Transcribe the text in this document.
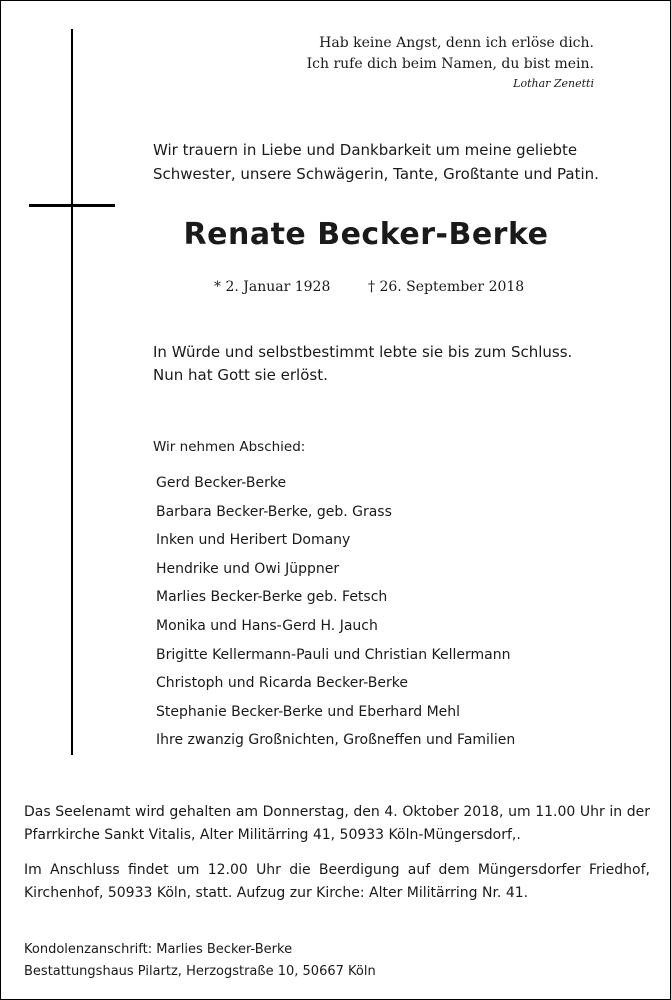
Hab keine Angst, denn ich erlöse dich.
Ich rufe dich beim Namen, du bist mein.
Lothar Zenetti
Wir trauern in Liebe und Dankbarkeit um meine geliebte
Schwester, unsere Schwägerin, Tante, Großtante und Patin.
Renate Becker-Berke
* 2. Januar 1928	† 26. September 2018
In Würde und selbstbestimmt lebte sie bis zum Schluss.
Nun hat Gott sie erlöst.
Wir nehmen Abschied:
Gerd Becker-Berke
Barbara Becker-Berke, geb. Grass
Inken und Heribert Domany
Hendrike und Owi Jüppner
Marlies Becker-Berke geb. Fetsch
Monika und Hans-Gerd H. Jauch
Brigitte Kellermann-Pauli und Christian Kellermann
Christoph und Ricarda Becker-Berke
Stephanie Becker-Berke und Eberhard Mehl
Ihre zwanzig Großnichten, Großneffen und Familien
Das Seelenamt wird gehalten am Donnerstag, den 4. Oktober 2018, um 11.00 Uhr in der Pfarrkirche Sankt Vitalis, Alter Militärring 41, 50933 Köln-Müngersdorf,.
Im Anschluss findet um 12.00 Uhr die Beerdigung auf dem Müngersdorfer Friedhof, Kirchenhof, 50933 Köln, statt. Aufzug zur Kirche: Alter Militärring Nr. 41.
Kondolenzanschrift: Marlies Becker-Berke
Bestattungshaus Pilartz, Herzogstraße 10, 50667 Köln
